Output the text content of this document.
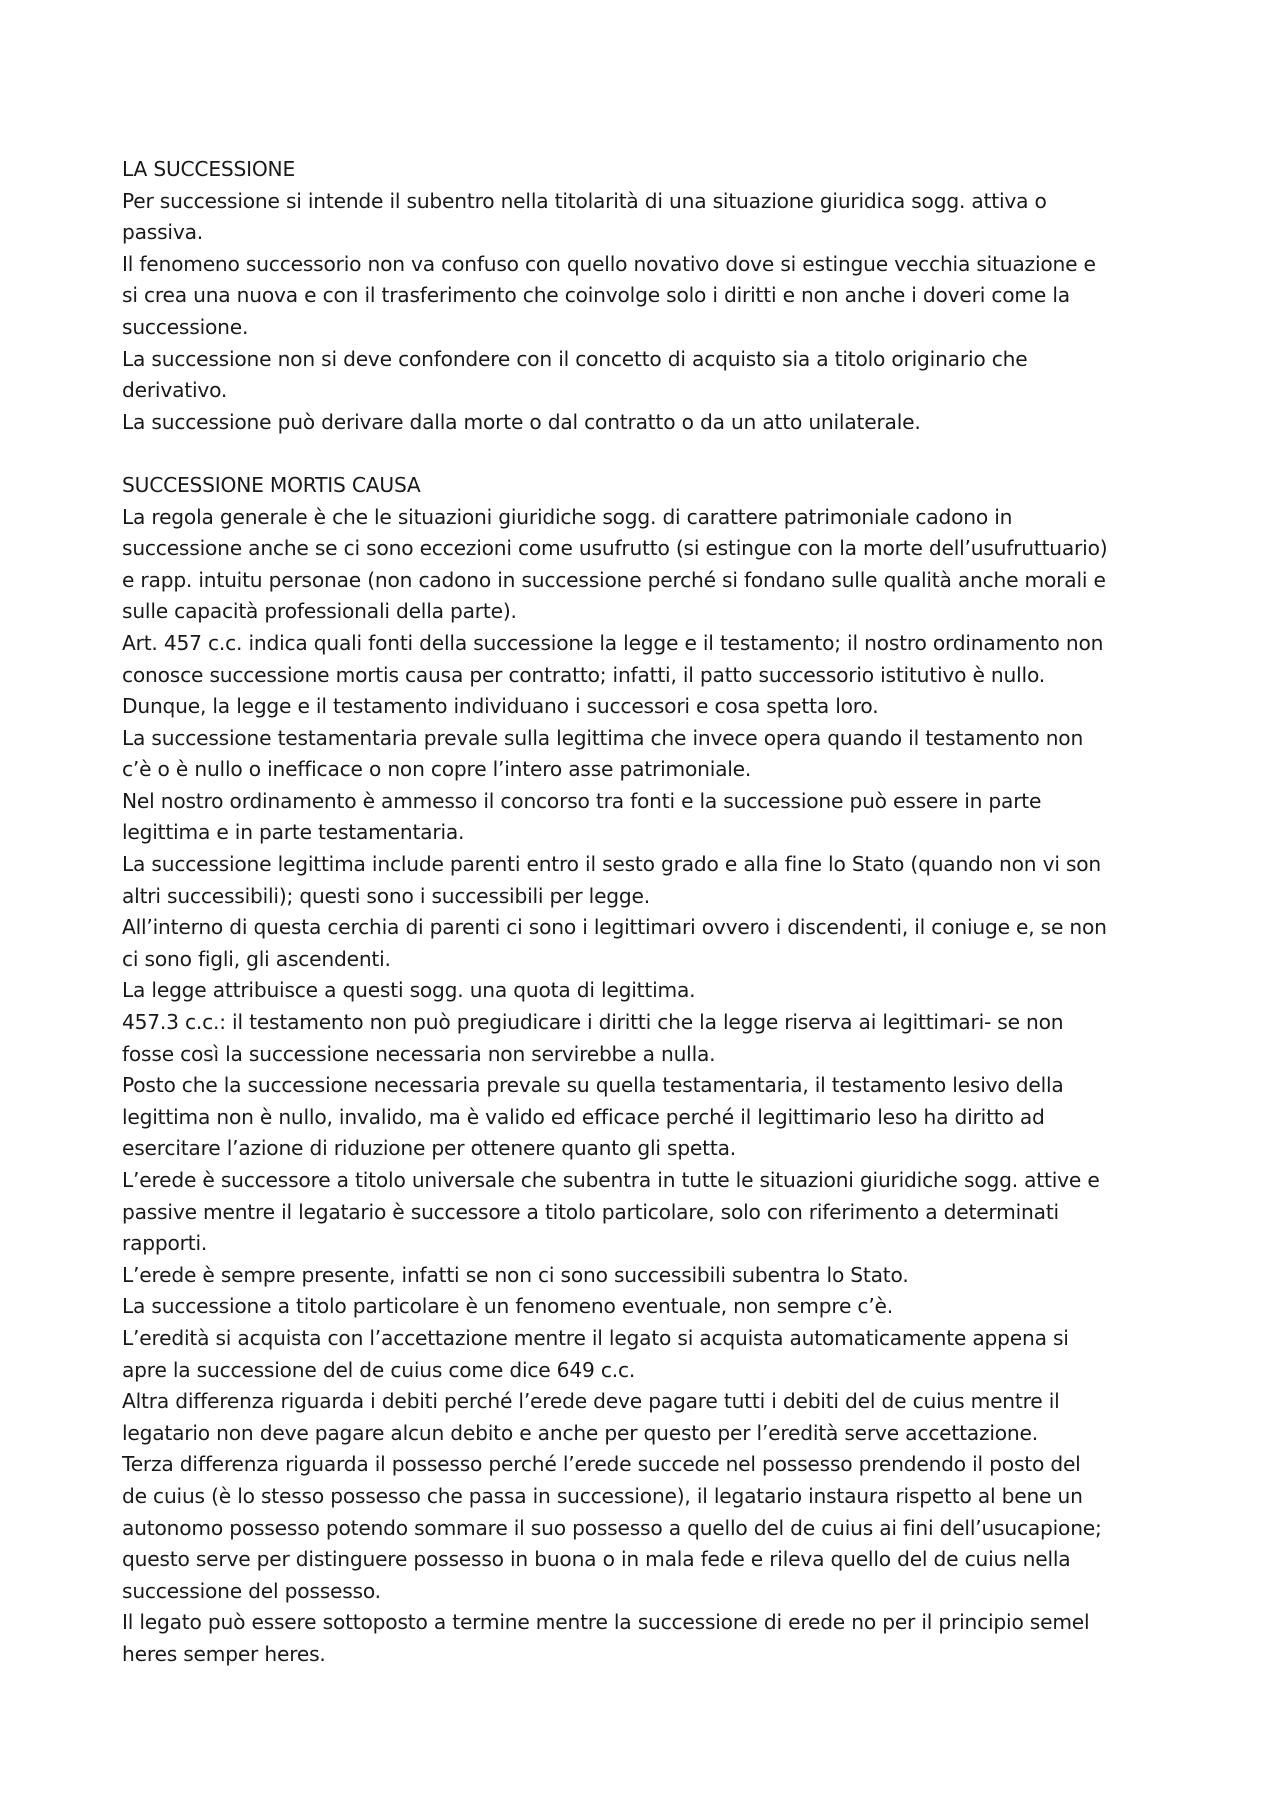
LA SUCCESSIONE
Per successione si intende il subentro nella titolarità di una situazione giuridica sogg. attiva o
passiva.
Il fenomeno successorio non va confuso con quello novativo dove si estingue vecchia situazione e
si crea una nuova e con il trasferimento che coinvolge solo i diritti e non anche i doveri come la
successione.
La successione non si deve confondere con il concetto di acquisto sia a titolo originario che
derivativo.
La successione può derivare dalla morte o dal contratto o da un atto unilaterale.
SUCCESSIONE MORTIS CAUSA
La regola generale è che le situazioni giuridiche sogg. di carattere patrimoniale cadono in
successione anche se ci sono eccezioni come usufrutto (si estingue con la morte dell’usufruttuario)
e rapp. intuitu personae (non cadono in successione perché si fondano sulle qualità anche morali e
sulle capacità professionali della parte).
Art. 457 c.c. indica quali fonti della successione la legge e il testamento; il nostro ordinamento non
conosce successione mortis causa per contratto; infatti, il patto successorio istitutivo è nullo.
Dunque, la legge e il testamento individuano i successori e cosa spetta loro.
La successione testamentaria prevale sulla legittima che invece opera quando il testamento non
c’è o è nullo o inefficace o non copre l’intero asse patrimoniale.
Nel nostro ordinamento è ammesso il concorso tra fonti e la successione può essere in parte
legittima e in parte testamentaria.
La successione legittima include parenti entro il sesto grado e alla fine lo Stato (quando non vi son
altri successibili); questi sono i successibili per legge.
All’interno di questa cerchia di parenti ci sono i legittimari ovvero i discendenti, il coniuge e, se non
ci sono figli, gli ascendenti.
La legge attribuisce a questi sogg. una quota di legittima.
457.3 c.c.: il testamento non può pregiudicare i diritti che la legge riserva ai legittimari- se non
fosse così la successione necessaria non servirebbe a nulla.
Posto che la successione necessaria prevale su quella testamentaria, il testamento lesivo della
legittima non è nullo, invalido, ma è valido ed efficace perché il legittimario leso ha diritto ad
esercitare l’azione di riduzione per ottenere quanto gli spetta.
L’erede è successore a titolo universale che subentra in tutte le situazioni giuridiche sogg. attive e
passive mentre il legatario è successore a titolo particolare, solo con riferimento a determinati
rapporti.
L’erede è sempre presente, infatti se non ci sono successibili subentra lo Stato.
La successione a titolo particolare è un fenomeno eventuale, non sempre c’è.
L’eredità si acquista con l’accettazione mentre il legato si acquista automaticamente appena si
apre la successione del de cuius come dice 649 c.c.
Altra differenza riguarda i debiti perché l’erede deve pagare tutti i debiti del de cuius mentre il
legatario non deve pagare alcun debito e anche per questo per l’eredità serve accettazione.
Terza differenza riguarda il possesso perché l’erede succede nel possesso prendendo il posto del
de cuius (è lo stesso possesso che passa in successione), il legatario instaura rispetto al bene un
autonomo possesso potendo sommare il suo possesso a quello del de cuius ai fini dell’usucapione;
questo serve per distinguere possesso in buona o in mala fede e rileva quello del de cuius nella
successione del possesso.
Il legato può essere sottoposto a termine mentre la successione di erede no per il principio semel
heres semper heres.
